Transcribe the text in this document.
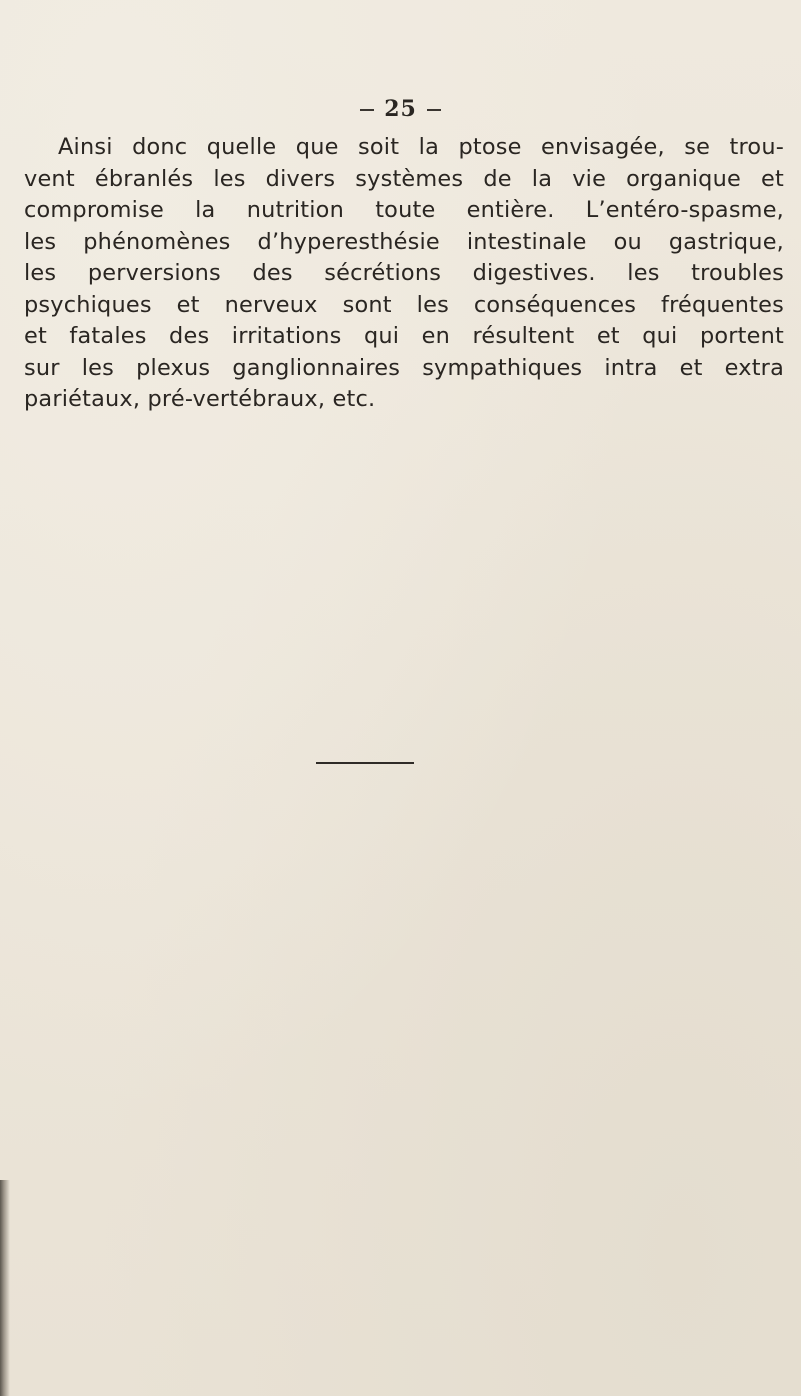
25
Ainsi donc quelle que soit la ptose envisagée, se trou-
vent ébranlés les divers systèmes de la vie organique et
compromise la nutrition toute entière. L’entéro-spasme,
les phénomènes d’hyperesthésie intestinale ou gastrique,
les perversions des sécrétions digestives. les troubles
psychiques et nerveux sont les conséquences fréquentes
et fatales des irritations qui en résultent et qui portent
sur les plexus ganglionnaires sympathiques intra et extra
pariétaux, pré-vertébraux, etc.
